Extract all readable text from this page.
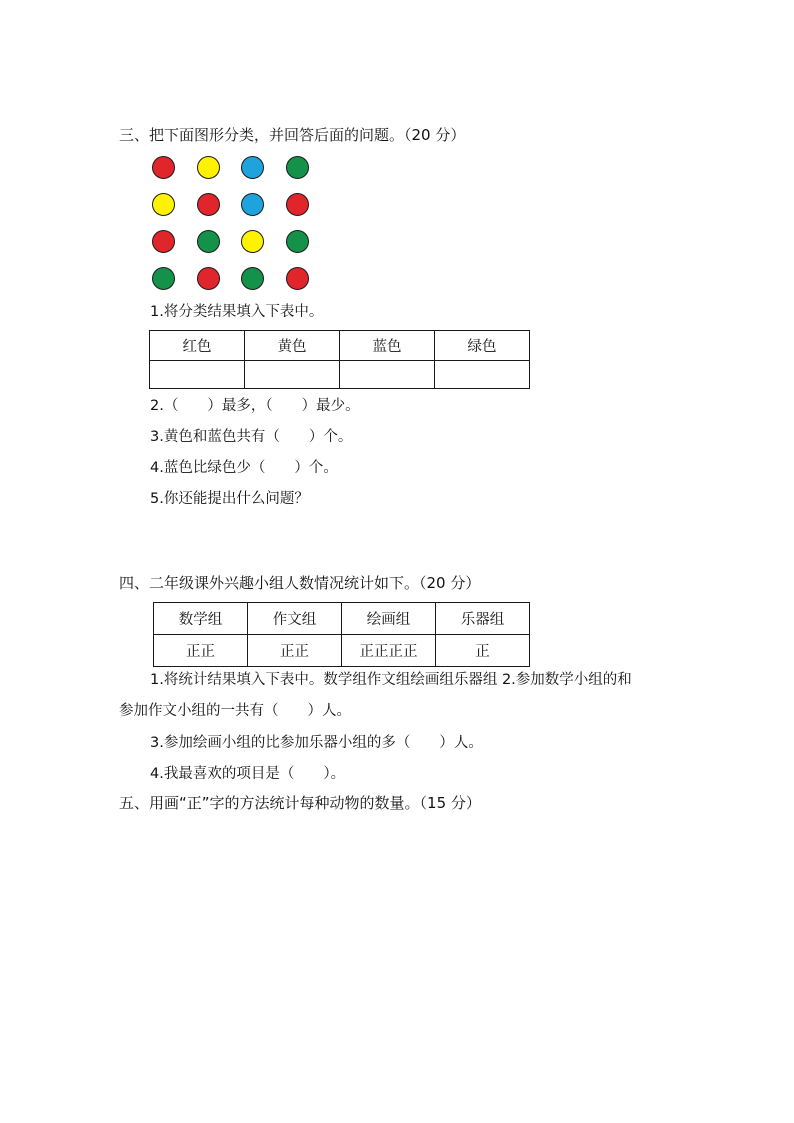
三、把下面图形分类，并回答后面的问题。（20 分）
1.将分类结果填入下表中。
红色	黄色	蓝色	绿色

2.（　　）最多，（　　）最少。
3.黄色和蓝色共有（　　）个。
4.蓝色比绿色少（　　）个。
5.你还能提出什么问题？
四、二年级课外兴趣小组人数情况统计如下。（20 分）
数学组	作文组	绘画组	乐器组
正正	正正	正正正正	正
1.将统计结果填入下表中。数学组作文组绘画组乐器组 2.参加数学小组的和
参加作文小组的一共有（　　）人。
3.参加绘画小组的比参加乐器小组的多（　　）人。
4.我最喜欢的项目是（　　）。
五、用画“正”字的方法统计每种动物的数量。（15 分）
